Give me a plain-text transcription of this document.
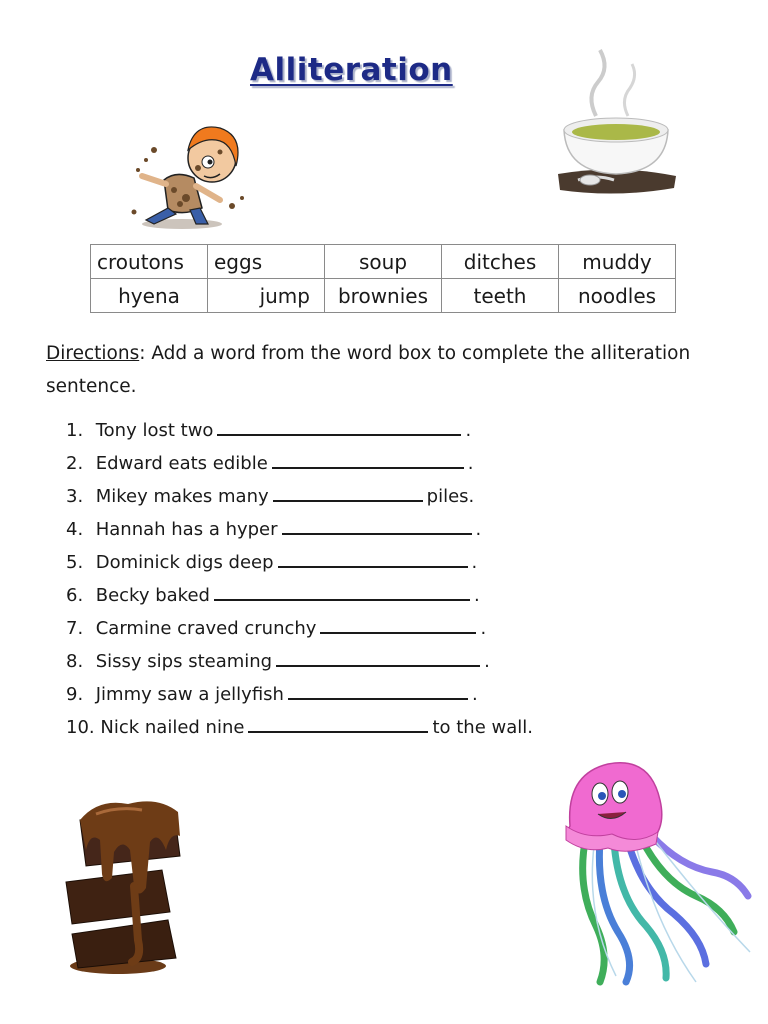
Alliteration
croutons	eggs	soup	ditches	muddy
hyena	jump	brownies	teeth	noodles
Directions: Add a word from the word box to complete the alliteration sentence.
1. Tony lost two	.
2. Edward eats edible	.
3. Mikey makes many	piles.
4. Hannah has a hyper	.
5. Dominick digs deep	.
6. Becky baked	.
7. Carmine craved crunchy	.
8. Sissy sips steaming	.
9. Jimmy saw a jellyfish	.
10. Nick nailed nine	to the wall.
